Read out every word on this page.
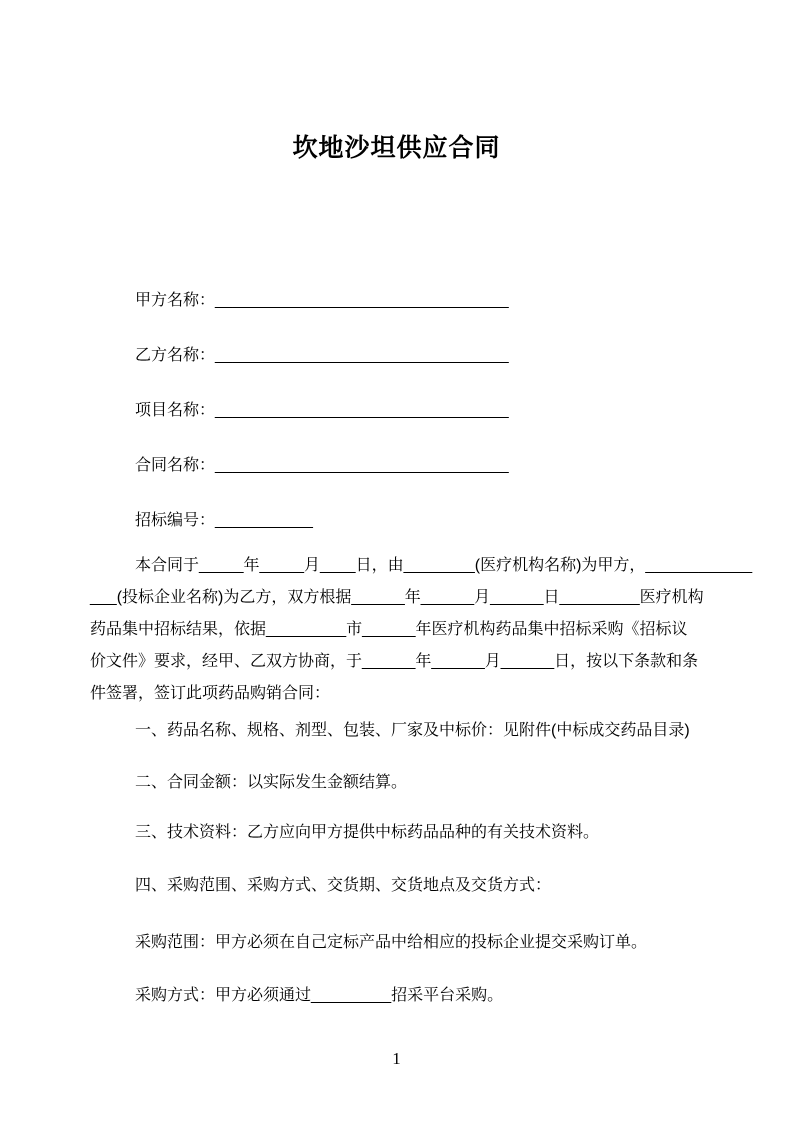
坎地沙坦供应合同
甲方名称：_________________________________
乙方名称：_________________________________
项目名称：_________________________________
合同名称：_________________________________
招标编号：___________
本合同于_____年_____月____日，由________(医疗机构名称)为甲方，____________
___(投标企业名称)为乙方，双方根据______年______月______日_________医疗机构
药品集中招标结果，依据_________市______年医疗机构药品集中招标采购《招标议
价文件》要求，经甲、乙双方协商，于______年______月______日，按以下条款和条
件签署，签订此项药品购销合同：
一、药品名称、规格、剂型、包装、厂家及中标价：见附件(中标成交药品目录)
二、合同金额：以实际发生金额结算。
三、技术资料：乙方应向甲方提供中标药品品种的有关技术资料。
四、采购范围、采购方式、交货期、交货地点及交货方式：
采购范围：甲方必须在自己定标产品中给相应的投标企业提交采购订单。
采购方式：甲方必须通过_________招采平台采购。
1
